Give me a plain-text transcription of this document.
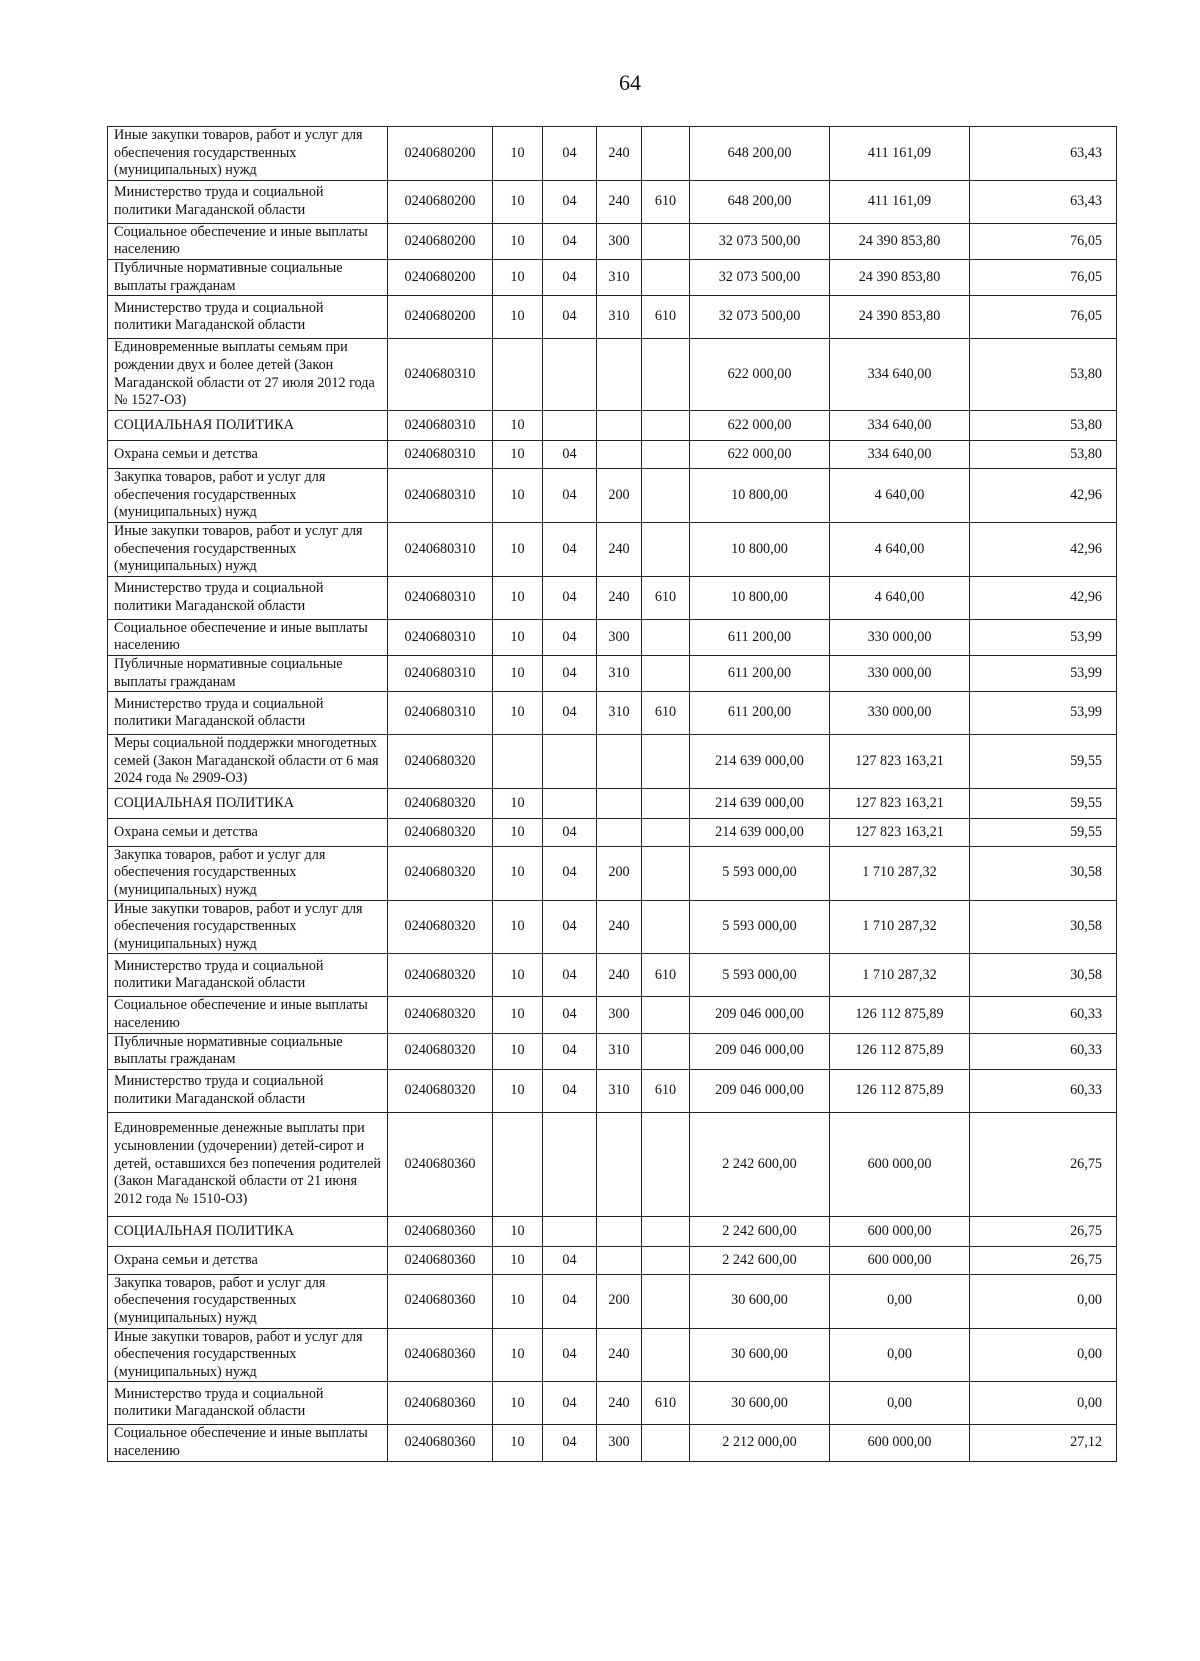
64
Иные закупки товаров, работ и услуг для обеспечения государственных (муниципальных) нужд	0240680200	10	04	240		648 200,00	411 161,09	63,43
Министерство труда и социальной политики Магаданской области	0240680200	10	04	240	610	648 200,00	411 161,09	63,43
Социальное обеспечение и иные выплаты населению	0240680200	10	04	300		32 073 500,00	24 390 853,80	76,05
Публичные нормативные социальные выплаты гражданам	0240680200	10	04	310		32 073 500,00	24 390 853,80	76,05
Министерство труда и социальной политики Магаданской области	0240680200	10	04	310	610	32 073 500,00	24 390 853,80	76,05
Единовременные выплаты семьям при рождении двух и более детей (Закон Магаданской области от 27 июля 2012 года № 1527-ОЗ)	0240680310					622 000,00	334 640,00	53,80
СОЦИАЛЬНАЯ ПОЛИТИКА	0240680310	10				622 000,00	334 640,00	53,80
Охрана семьи и детства	0240680310	10	04			622 000,00	334 640,00	53,80
Закупка товаров, работ и услуг для обеспечения государственных (муниципальных) нужд	0240680310	10	04	200		10 800,00	4 640,00	42,96
Иные закупки товаров, работ и услуг для обеспечения государственных (муниципальных) нужд	0240680310	10	04	240		10 800,00	4 640,00	42,96
Министерство труда и социальной политики Магаданской области	0240680310	10	04	240	610	10 800,00	4 640,00	42,96
Социальное обеспечение и иные выплаты населению	0240680310	10	04	300		611 200,00	330 000,00	53,99
Публичные нормативные социальные выплаты гражданам	0240680310	10	04	310		611 200,00	330 000,00	53,99
Министерство труда и социальной политики Магаданской области	0240680310	10	04	310	610	611 200,00	330 000,00	53,99
Меры социальной поддержки многодетных семей (Закон Магаданской области от 6 мая 2024 года № 2909-ОЗ)	0240680320					214 639 000,00	127 823 163,21	59,55
СОЦИАЛЬНАЯ ПОЛИТИКА	0240680320	10				214 639 000,00	127 823 163,21	59,55
Охрана семьи и детства	0240680320	10	04			214 639 000,00	127 823 163,21	59,55
Закупка товаров, работ и услуг для обеспечения государственных (муниципальных) нужд	0240680320	10	04	200		5 593 000,00	1 710 287,32	30,58
Иные закупки товаров, работ и услуг для обеспечения государственных (муниципальных) нужд	0240680320	10	04	240		5 593 000,00	1 710 287,32	30,58
Министерство труда и социальной политики Магаданской области	0240680320	10	04	240	610	5 593 000,00	1 710 287,32	30,58
Социальное обеспечение и иные выплаты населению	0240680320	10	04	300		209 046 000,00	126 112 875,89	60,33
Публичные нормативные социальные выплаты гражданам	0240680320	10	04	310		209 046 000,00	126 112 875,89	60,33
Министерство труда и социальной политики Магаданской области	0240680320	10	04	310	610	209 046 000,00	126 112 875,89	60,33
Единовременные денежные выплаты при усыновлении (удочерении) детей-сирот и детей, оставшихся без попечения родителей (Закон Магаданской области от 21 июня 2012 года № 1510-ОЗ)	0240680360					2 242 600,00	600 000,00	26,75
СОЦИАЛЬНАЯ ПОЛИТИКА	0240680360	10				2 242 600,00	600 000,00	26,75
Охрана семьи и детства	0240680360	10	04			2 242 600,00	600 000,00	26,75
Закупка товаров, работ и услуг для обеспечения государственных (муниципальных) нужд	0240680360	10	04	200		30 600,00	0,00	0,00
Иные закупки товаров, работ и услуг для обеспечения государственных (муниципальных) нужд	0240680360	10	04	240		30 600,00	0,00	0,00
Министерство труда и социальной политики Магаданской области	0240680360	10	04	240	610	30 600,00	0,00	0,00
Социальное обеспечение и иные выплаты населению	0240680360	10	04	300		2 212 000,00	600 000,00	27,12
